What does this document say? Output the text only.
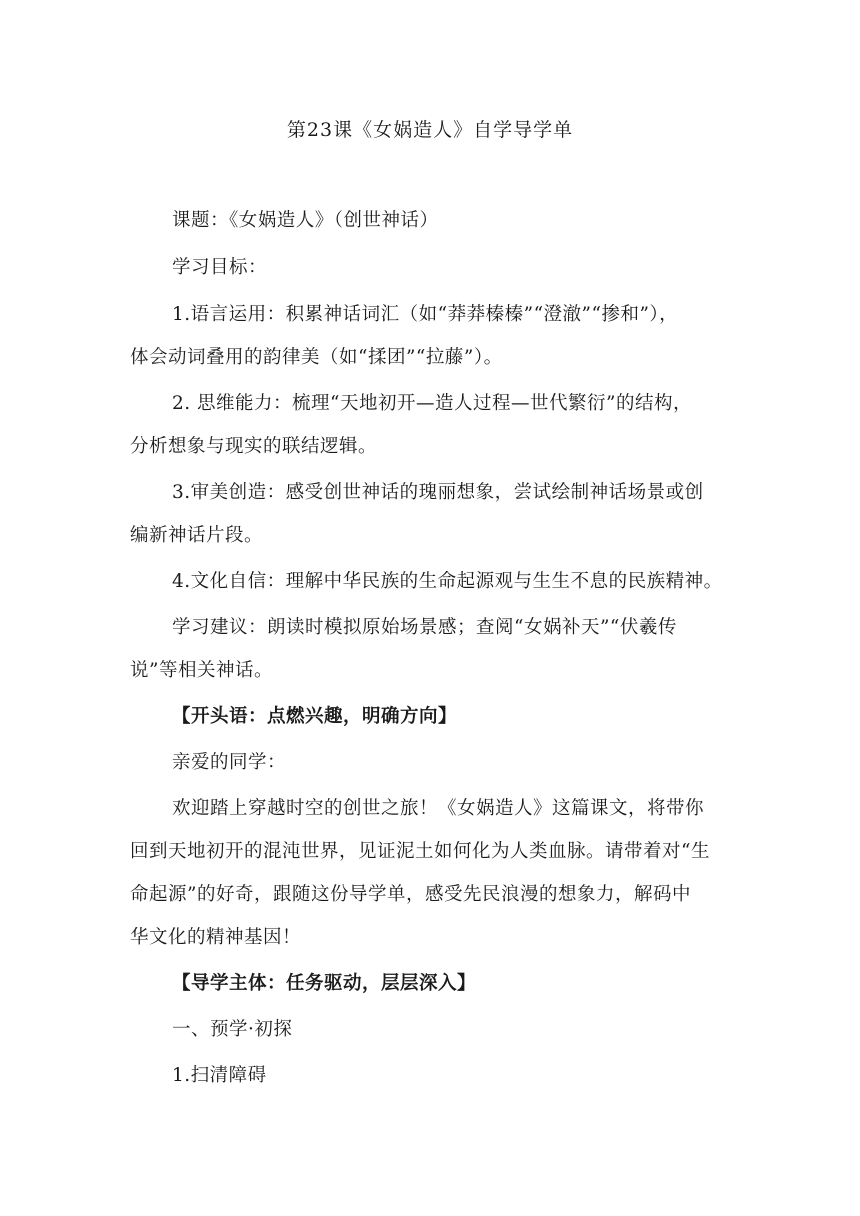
第23课《女娲造人》自学导学单
课题：《女娲造人》（创世神话）
学习目标：
1.语言运用：积累神话词汇（如“莽莽榛榛”“澄澈”“掺和”），
体会动词叠用的韵律美（如“揉团”“拉藤”）。
2. 思维能力：梳理“天地初开—造人过程—世代繁衍”的结构，
分析想象与现实的联结逻辑。
3.审美创造：感受创世神话的瑰丽想象，尝试绘制神话场景或创
编新神话片段。
4.文化自信：理解中华民族的生命起源观与生生不息的民族精神。
学习建议：朗读时模拟原始场景感；查阅“女娲补天”“伏羲传
说”等相关神话。
【开头语：点燃兴趣，明确方向】
亲爱的同学：
欢迎踏上穿越时空的创世之旅！《女娲造人》这篇课文，将带你
回到天地初开的混沌世界，见证泥土如何化为人类血脉。请带着对“生
命起源”的好奇，跟随这份导学单，感受先民浪漫的想象力，解码中
华文化的精神基因！
【导学主体：任务驱动，层层深入】
一、预学·初探
1.扫清障碍
